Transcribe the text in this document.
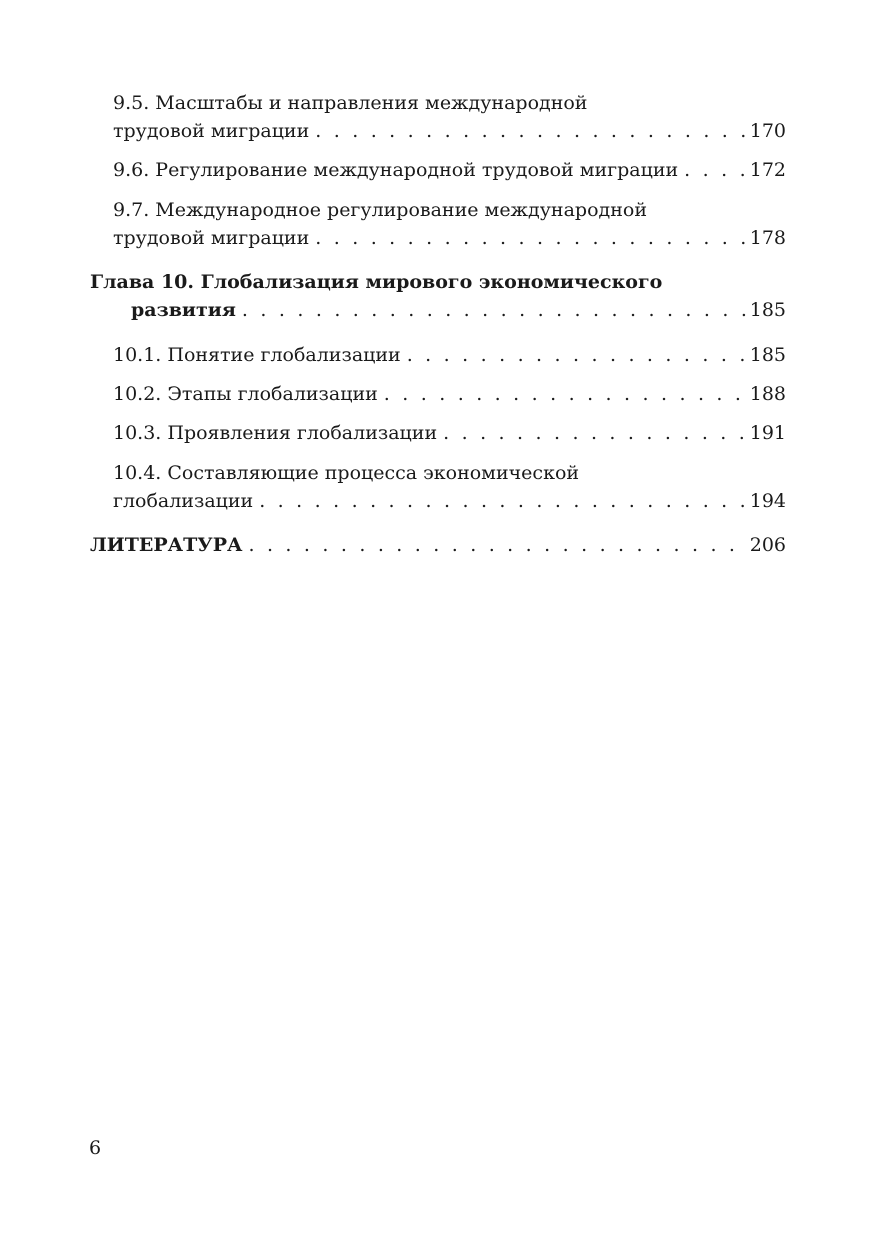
9.5. Масштабы и направления международной
трудовой миграции . . .	170
9.6. Регулирование международной трудовой миграции . . .	172
9.7. Международное регулирование международной
трудовой миграции . . .	178
Глава 10. Глобализация мирового экономического
развития . . .	185
10.1. Понятие глобализации . . .	185
10.2. Этапы глобализации . . .	188
10.3. Проявления глобализации . . .	191
10.4. Составляющие процесса экономической
глобализации . . .	194
ЛИТЕРАТУРА . . .	206
6
